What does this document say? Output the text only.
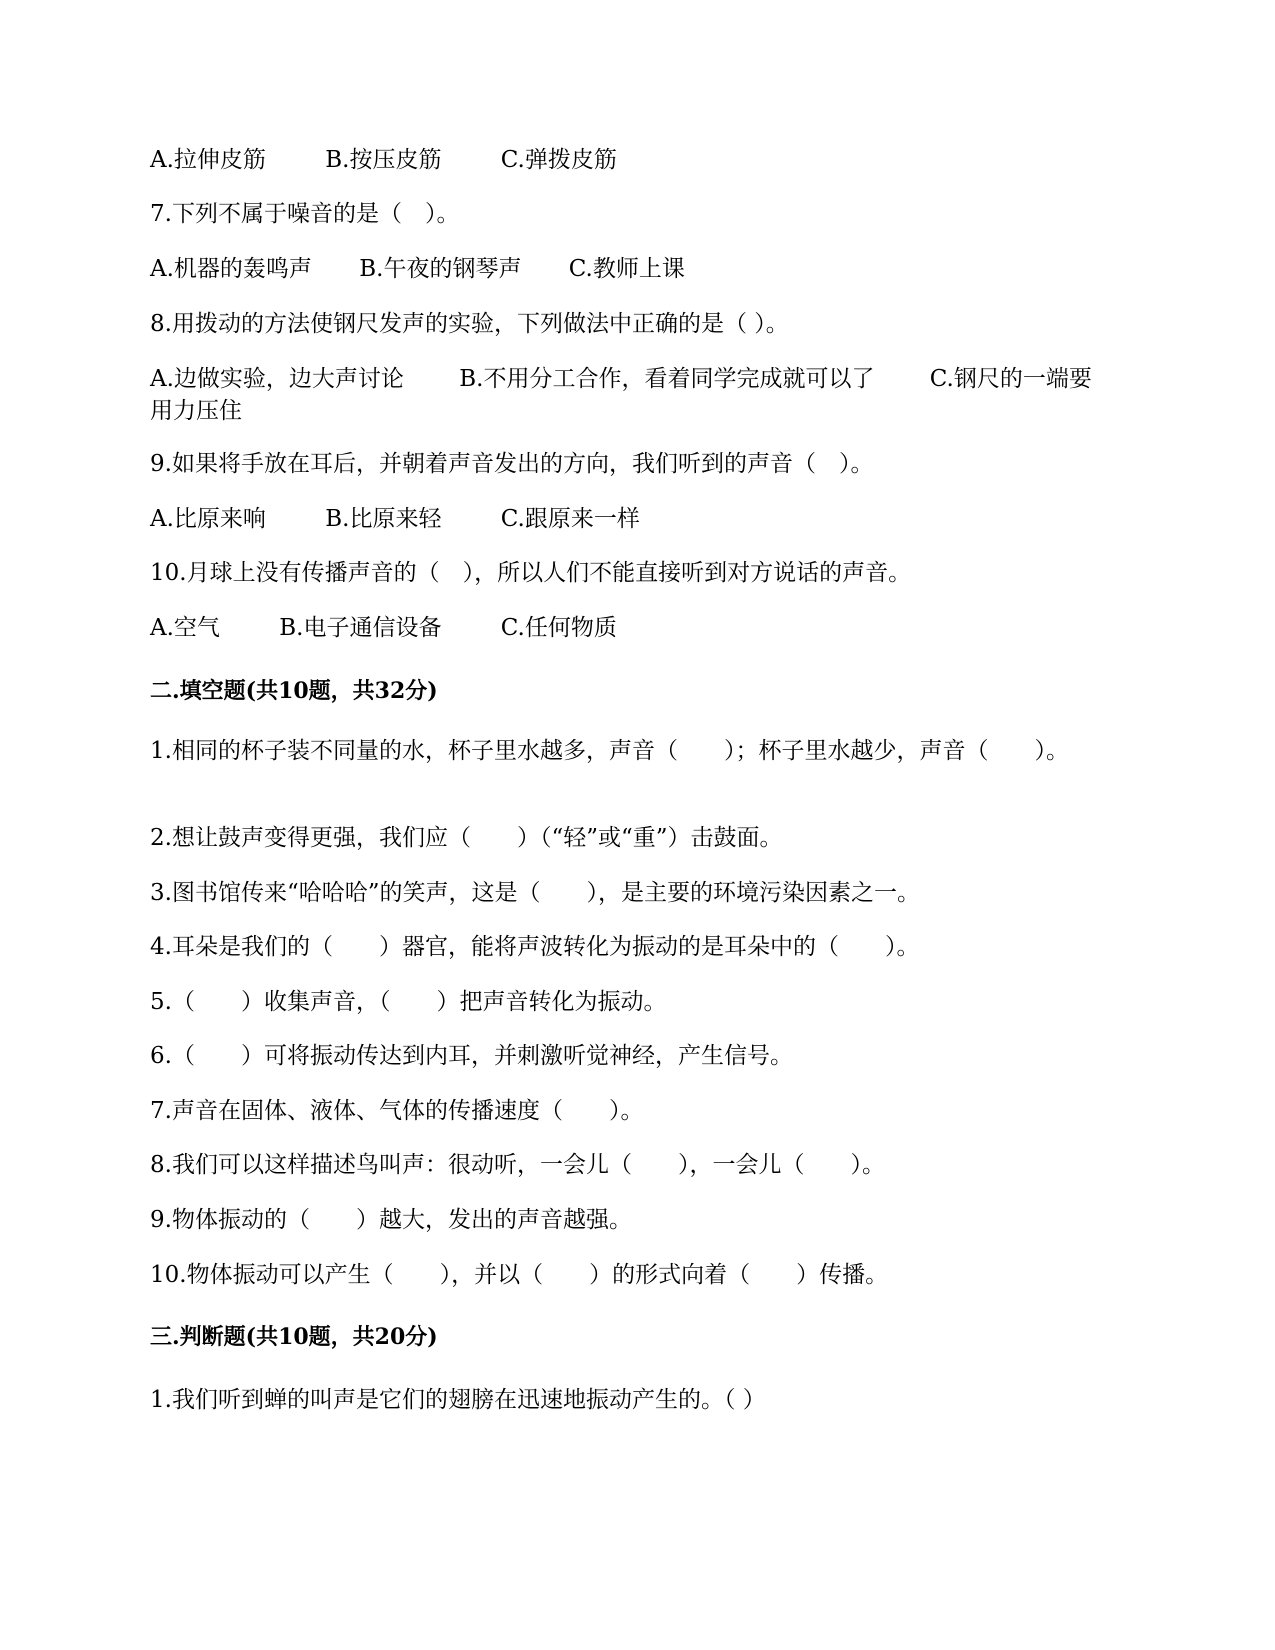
A.拉伸皮筋	B.按压皮筋	C.弹拨皮筋
7.下列不属于噪音的是（　）。
A.机器的轰鸣声 B.午夜的钢琴声 C.教师上课
8.用拨动的方法使钢尺发声的实验，下列做法中正确的是（ ）。
A.边做实验，边大声讨论 B.不用分工合作，看着同学完成就可以了 C.钢尺的一端要用力压住
9.如果将手放在耳后，并朝着声音发出的方向，我们听到的声音（　）。
A.比原来响	B.比原来轻	C.跟原来一样
10.月球上没有传播声音的（　），所以人们不能直接听到对方说话的声音。
A.空气	B.电子通信设备	C.任何物质
二.填空题(共10题，共32分)
1.相同的杯子装不同量的水，杯子里水越多，声音（　　）；杯子里水越少，声音（　　）。
2.想让鼓声变得更强，我们应（　　）（“轻”或“重”）击鼓面。
3.图书馆传来“哈哈哈”的笑声，这是（　　），是主要的环境污染因素之一。
4.耳朵是我们的（　　）器官，能将声波转化为振动的是耳朵中的（　　）。
5.（　　）收集声音，（　　）把声音转化为振动。
6.（　　）可将振动传达到内耳，并刺激听觉神经，产生信号。
7.声音在固体、液体、气体的传播速度（　　）。
8.我们可以这样描述鸟叫声：很动听，一会儿（　　），一会儿（　　）。
9.物体振动的（　　）越大，发出的声音越强。
10.物体振动可以产生（　　），并以（　　）的形式向着（　　）传播。
三.判断题(共10题，共20分)
1.我们听到蝉的叫声是它们的翅膀在迅速地振动产生的。（ ）
